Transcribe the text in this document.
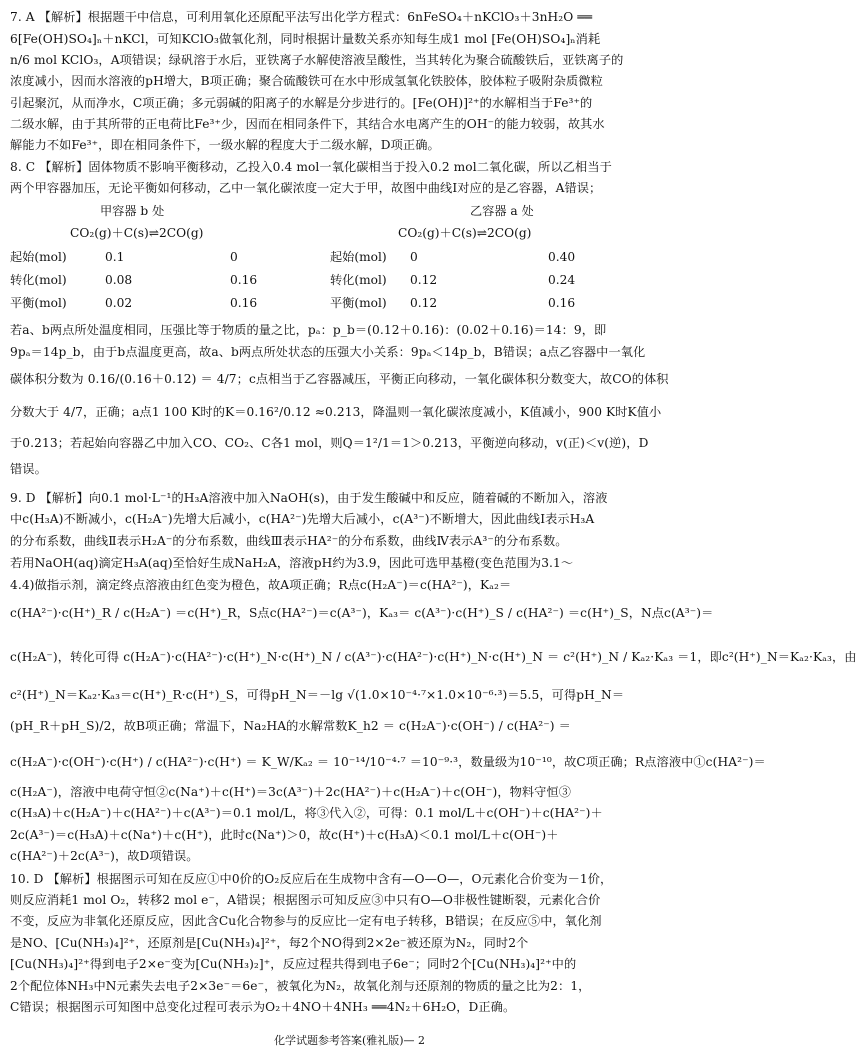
7. A 【解析】根据题干中信息，可利用氧化还原配平法写出化学方程式：6nFeSO₄＋nKClO₃＋3nH₂O ══
6[Fe(OH)SO₄]ₙ＋nKCl，可知KClO₃做氧化剂，同时根据计量数关系亦知每生成1 mol [Fe(OH)SO₄]ₙ消耗
n/6 mol KClO₃，A项错误；绿矾溶于水后，亚铁离子水解使溶液呈酸性，当其转化为聚合硫酸铁后，亚铁离子的
浓度减小，因而水溶液的pH增大，B项正确；聚合硫酸铁可在水中形成氢氧化铁胶体，胶体粒子吸附杂质微粒
引起聚沉，从而净水，C项正确；多元弱碱的阳离子的水解是分步进行的。[Fe(OH)]²⁺的水解相当于Fe³⁺的
二级水解，由于其所带的正电荷比Fe³⁺少，因而在相同条件下，其结合水电离产生的OH⁻的能力较弱，故其水
解能力不如Fe³⁺，即在相同条件下，一级水解的程度大于二级水解，D项正确。
8. C 【解析】固体物质不影响平衡移动，乙投入0.4 mol一氧化碳相当于投入0.2 mol二氧化碳，所以乙相当于
两个甲容器加压，无论平衡如何移动，乙中一氧化碳浓度一定大于甲，故图中曲线Ⅰ对应的是乙容器，A错误；
若a、b两点所处温度相同，压强比等于物质的量之比，pₐ：p_b＝(0.12＋0.16)：(0.02＋0.16)＝14：9，即
9pₐ＝14p_b，由于b点温度更高，故a、b两点所处状态的压强大小关系：9pₐ＜14p_b，B错误；a点乙容器中一氧化
碳体积分数为 0.16/(0.16＋0.12) ＝ 4/7；c点相当于乙容器减压，平衡正向移动，一氧化碳体积分数变大，故CO的体积
分数大于 4/7，正确；a点1 100 K时的K＝0.16²/0.12 ≈0.213，降温则一氧化碳浓度减小，K值减小，900 K时K值小
于0.213；若起始向容器乙中加入CO、CO₂、C各1 mol，则Q＝1²/1＝1＞0.213，平衡逆向移动，v(正)＜v(逆)，D
错误。
9. D 【解析】向0.1 mol·L⁻¹的H₃A溶液中加入NaOH(s)，由于发生酸碱中和反应，随着碱的不断加入，溶液
中c(H₃A)不断减小，c(H₂A⁻)先增大后减小，c(HA²⁻)先增大后减小，c(A³⁻)不断增大，因此曲线Ⅰ表示H₃A
的分布系数，曲线Ⅱ表示H₂A⁻的分布系数，曲线Ⅲ表示HA²⁻的分布系数，曲线Ⅳ表示A³⁻的分布系数。
若用NaOH(aq)滴定H₃A(aq)至恰好生成NaH₂A，溶液pH约为3.9，因此可选甲基橙(变色范围为3.1～
4.4)做指示剂，滴定终点溶液由红色变为橙色，故A项正确；R点c(H₂A⁻)＝c(HA²⁻)，Kₐ₂＝
c(HA²⁻)·c(H⁺)_R / c(H₂A⁻) ＝c(H⁺)_R，S点c(HA²⁻)＝c(A³⁻)，Kₐ₃＝ c(A³⁻)·c(H⁺)_S / c(HA²⁻) ＝c(H⁺)_S，N点c(A³⁻)＝
c(H₂A⁻)，转化可得 c(H₂A⁻)·c(HA²⁻)·c(H⁺)_N·c(H⁺)_N / c(A³⁻)·c(HA²⁻)·c(H⁺)_N·c(H⁺)_N ＝ c²(H⁺)_N / Kₐ₂·Kₐ₃ ＝1，即c²(H⁺)_N＝Kₐ₂·Kₐ₃，由
c²(H⁺)_N＝Kₐ₂·Kₐ₃＝c(H⁺)_R·c(H⁺)_S，可得pH_N＝－lg √(1.0×10⁻⁴·⁷×1.0×10⁻⁶·³)＝5.5，可得pH_N＝
(pH_R＋pH_S)/2，故B项正确；常温下，Na₂HA的水解常数K_h2 ＝ c(H₂A⁻)·c(OH⁻) / c(HA²⁻) ＝
c(H₂A⁻)·c(OH⁻)·c(H⁺) / c(HA²⁻)·c(H⁺) ＝ K_W/Kₐ₂ ＝ 10⁻¹⁴/10⁻⁴·⁷ ＝10⁻⁹·³，数量级为10⁻¹⁰，故C项正确；R点溶液中①c(HA²⁻)＝
c(H₂A⁻)，溶液中电荷守恒②c(Na⁺)＋c(H⁺)＝3c(A³⁻)＋2c(HA²⁻)＋c(H₂A⁻)＋c(OH⁻)，物料守恒③
c(H₃A)＋c(H₂A⁻)＋c(HA²⁻)＋c(A³⁻)＝0.1 mol/L，将③代入②，可得：0.1 mol/L＋c(OH⁻)＋c(HA²⁻)＋
2c(A³⁻)＝c(H₃A)＋c(Na⁺)＋c(H⁺)，此时c(Na⁺)＞0，故c(H⁺)＋c(H₃A)＜0.1 mol/L＋c(OH⁻)＋
c(HA²⁻)＋2c(A³⁻)，故D项错误。
10. D 【解析】根据图示可知在反应①中0价的O₂反应后在生成物中含有—O—O—，O元素化合价变为－1价，
则反应消耗1 mol O₂，转移2 mol e⁻，A错误；根据图示可知反应③中只有O—O非极性键断裂，元素化合价
不变，反应为非氧化还原反应，因此含Cu化合物参与的反应比一定有电子转移，B错误；在反应⑤中，氧化剂
是NO、[Cu(NH₃)₄]²⁺，还原剂是[Cu(NH₃)₄]²⁺，每2个NO得到2×2e⁻被还原为N₂，同时2个
[Cu(NH₃)₄]²⁺得到电子2×e⁻变为[Cu(NH₃)₂]⁺，反应过程共得到电子6e⁻；同时2个[Cu(NH₃)₄]²⁺中的
2个配位体NH₃中N元素失去电子2×3e⁻＝6e⁻，被氧化为N₂，故氧化剂与还原剂的物质的量之比为2：1，
C错误；根据图示可知图中总变化过程可表示为O₂＋4NO＋4NH₃ ══4N₂＋6H₂O，D正确。
甲容器 b 处	乙容器 a 处
CO₂(g)＋C(s)⇌2CO(g)	CO₂(g)＋C(s)⇌2CO(g)
起始(mol)	0.1	0	起始(mol) 0	0.40
转化(mol)	0.08	0.16	转化(mol) 0.12	0.24
平衡(mol)	0.02	0.16	平衡(mol) 0.12	0.16
化学试题参考答案(雅礼版)— 2
